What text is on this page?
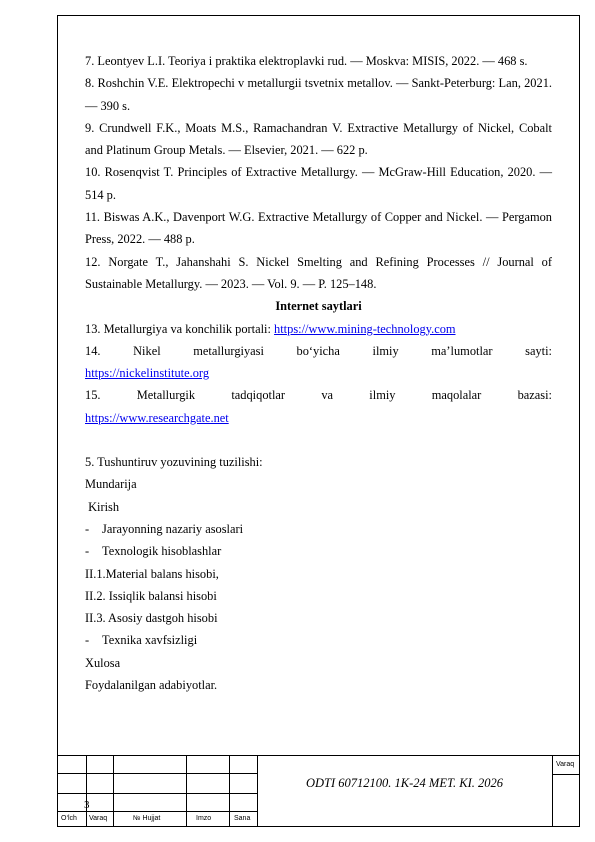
7. Leontyev L.I. Teoriya i praktika elektroplavki rud. — Moskva: MISIS, 2022. — 468 s.

8. Roshchin V.E. Elektropechi v metallurgii tsvetnix metallov. — Sankt-Peterburg: Lan, 2021. — 390 s.

9. Crundwell F.K., Moats M.S., Ramachandran V. Extractive Metallurgy of Nickel, Cobalt and Platinum Group Metals. — Elsevier, 2021. — 622 p.

10. Rosenqvist T. Principles of Extractive Metallurgy. — McGraw-Hill Education, 2020. — 514 p.

11. Biswas A.K., Davenport W.G. Extractive Metallurgy of Copper and Nickel. — Pergamon Press, 2022. — 488 p.

12. Norgate T., Jahanshahi S. Nickel Smelting and Refining Processes // Journal of Sustainable Metallurgy. — 2023. — Vol. 9. — P. 125–148.

Internet saytlari

13. Metallurgiya va konchilik portali: https://www.mining-technology.com

14. Nikel metallurgiyasi bo‘yicha ilmiy ma’lumotlar sayti:

https://nickelinstitute.org

15. Metallurgik tadqiqotlar va ilmiy maqolalar bazasi:

https://www.researchgate.net

5. Tushuntiruv yozuvining tuzilishi:

Mundarija

Kirish

- Jarayonning nazariy asoslari

- Texnologik hisoblashlar

II.1.Material balans hisobi,

II.2. Issiqlik balansi hisobi

II.3. Asosiy dastgoh hisobi

- Texnika xavfsizligi

Xulosa

Foydalanilgan adabiyotlar.

O‘lch Varaq	№ Hujjat	Imzo	Sana
3
ODTI 60712100. 1K-24 MET. KI. 2026
Varaq
